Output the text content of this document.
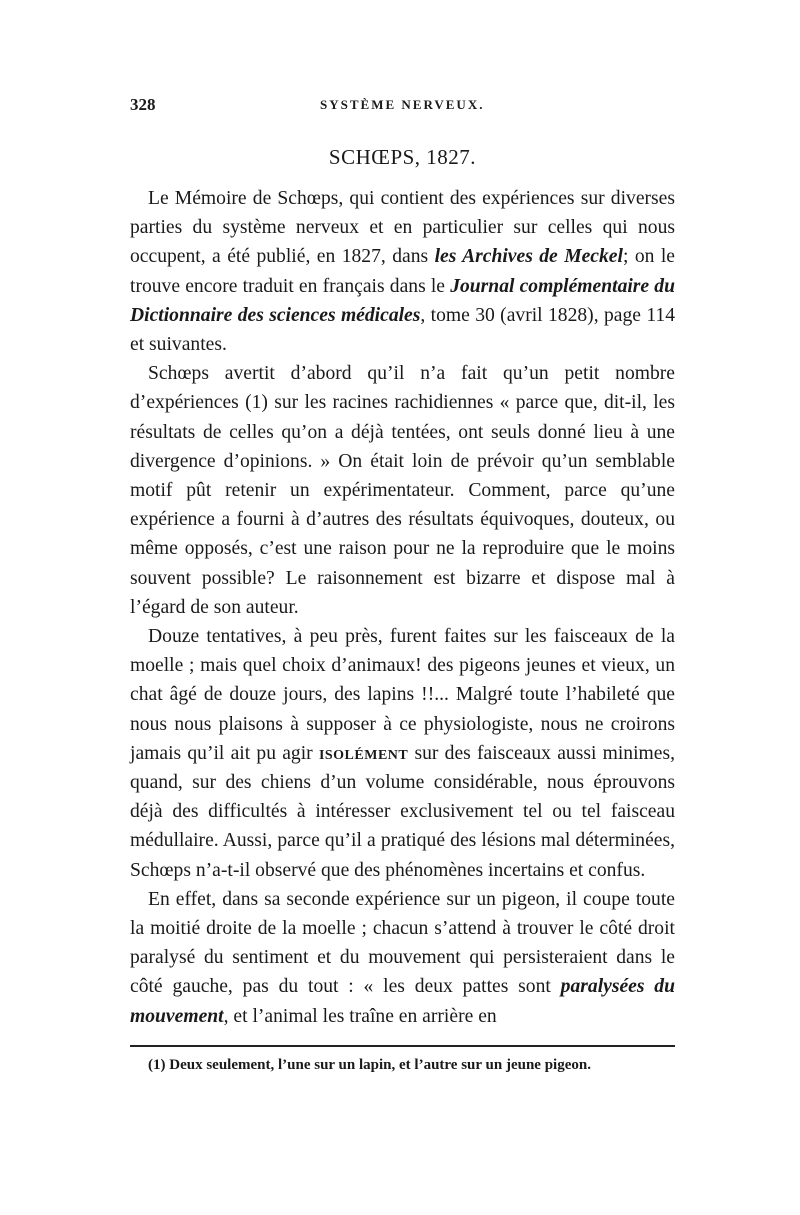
328	SYSTÈME NERVEUX.
SCHŒPS, 1827.

Le Mémoire de Schœps, qui contient des expériences sur diverses parties du système nerveux et en particulier sur celles qui nous occupent, a été publié, en 1827, dans les Archives de Meckel; on le trouve encore traduit en français dans le Journal complémentaire du Dictionnaire des sciences médicales, tome 30 (avril 1828), page 114 et suivantes.

Schœps avertit d’abord qu’il n’a fait qu’un petit nombre d’expériences (1) sur les racines rachidiennes « parce que, dit-il, les résultats de celles qu’on a déjà tentées, ont seuls donné lieu à une divergence d’opinions. » On était loin de prévoir qu’un semblable motif pût retenir un expérimentateur. Comment, parce qu’une expérience a fourni à d’autres des résultats équivoques, douteux, ou même opposés, c’est une raison pour ne la reproduire que le moins souvent possible? Le raisonnement est bizarre et dispose mal à l’égard de son auteur.

Douze tentatives, à peu près, furent faites sur les faisceaux de la moelle ; mais quel choix d’animaux! des pigeons jeunes et vieux, un chat âgé de douze jours, des lapins !!... Malgré toute l’habileté que nous nous plaisons à supposer à ce physiologiste, nous ne croirons jamais qu’il ait pu agir isolément sur des faisceaux aussi minimes, quand, sur des chiens d’un volume considérable, nous éprouvons déjà des difficultés à intéresser exclusivement tel ou tel faisceau médullaire. Aussi, parce qu’il a pratiqué des lésions mal déterminées, Schœps n’a-t-il observé que des phénomènes incertains et confus.

En effet, dans sa seconde expérience sur un pigeon, il coupe toute la moitié droite de la moelle ; chacun s’attend à trouver le côté droit paralysé du sentiment et du mouvement qui persisteraient dans le côté gauche, pas du tout : « les deux pattes sont paralysées du mouvement, et l’animal les traîne en arrière en

(1) Deux seulement, l’une sur un lapin, et l’autre sur un jeune pigeon.
